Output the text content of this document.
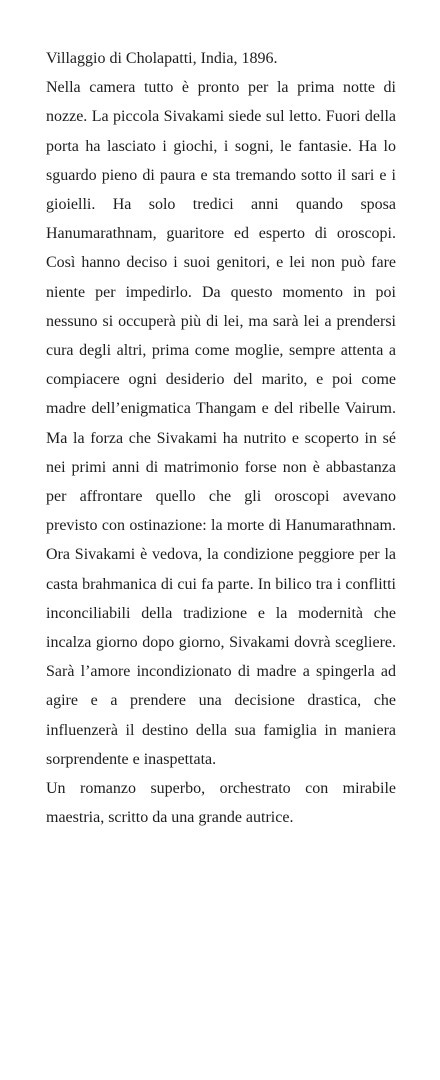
Villaggio di Cholapatti, India, 1896.

Nella camera tutto è pronto per la prima notte di nozze. La piccola Sivakami siede sul letto. Fuori della porta ha lasciato i giochi, i sogni, le fantasie. Ha lo sguardo pieno di paura e sta tremando sotto il sari e i gioielli. Ha solo tredici anni quando sposa Hanumarathnam, guaritore ed esperto di oroscopi. Così hanno deciso i suoi genitori, e lei non può fare niente per impedirlo. Da questo momento in poi nessuno si occuperà più di lei, ma sarà lei a prendersi cura degli altri, prima come moglie, sempre attenta a compiacere ogni desiderio del marito, e poi come madre dell’enigmatica Thangam e del ribelle Vairum. Ma la forza che Sivakami ha nutrito e scoperto in sé nei primi anni di matrimonio forse non è abbastanza per affrontare quello che gli oroscopi avevano previsto con ostinazione: la morte di Hanumarathnam. Ora Sivakami è vedova, la condizione peggiore per la casta brahmanica di cui fa parte. In bilico tra i conflitti inconciliabili della tradizione e la modernità che incalza giorno dopo giorno, Sivakami dovrà scegliere. Sarà l’amore incondizionato di madre a spingerla ad agire e a prendere una decisione drastica, che influenzerà il destino della sua famiglia in maniera sorprendente e inaspettata.

Un romanzo superbo, orchestrato con mirabile maestria, scritto da una grande autrice.
